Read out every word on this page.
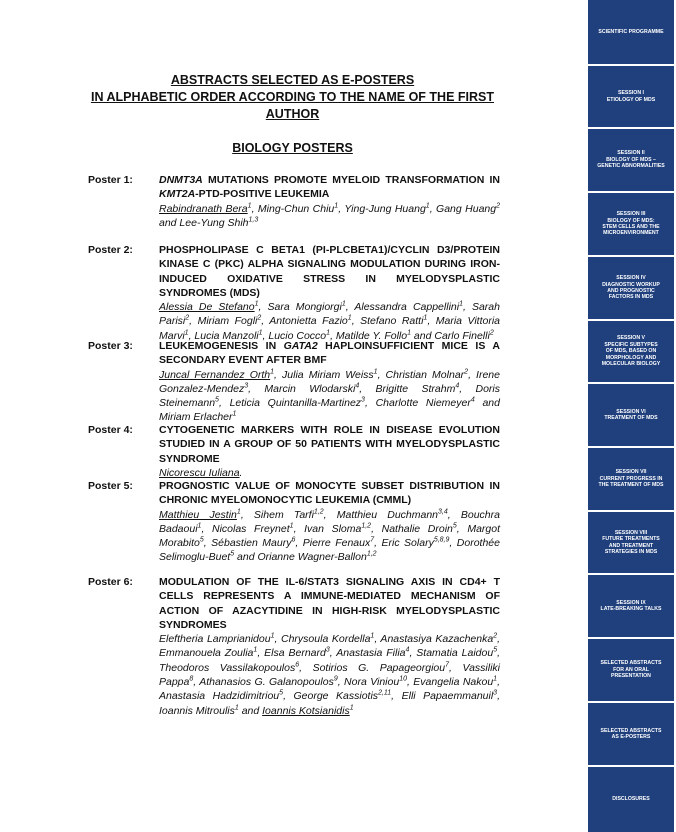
ABSTRACTS SELECTED AS E-POSTERS
IN ALPHABETIC ORDER ACCORDING TO THE NAME OF THE FIRST
AUTHOR
BIOLOGY POSTERS
Poster 1:	DNMT3A MUTATIONS PROMOTE MYELOID TRANSFORMATION IN KMT2A-PTD-POSITIVE LEUKEMIA
Rabindranath Bera$^1$, Ming-Chun Chiu$^1$, Ying-Jung Huang$^1$, Gang Huang$^2$ and Lee-Yung Shih$^{1,3}$
Poster 2:	PHOSPHOLIPASE C BETA1 (PI-PLCBETA1)/CYCLIN D3/PROTEIN KINASE C (PKC) ALPHA SIGNALING MODULATION DURING IRON-INDUCED OXIDATIVE STRESS IN MYELODYSPLASTIC SYNDROMES (MDS)
Alessia De Stefano$^1$, Sara Mongiorgi$^1$, Alessandra Cappellini$^1$, Sarah Parisi$^2$, Miriam Fogli$^2$, Antonietta Fazio$^1$, Stefano Ratti$^1$, Maria Vittoria Marvi$^1$, Lucia Manzoli$^1$, Lucio Cocco$^1$, Matilde Y. Follo$^1$ and Carlo Finelli$^2$
Poster 3:	LEUKEMOGENESIS IN GATA2 HAPLOINSUFFICIENT MICE IS A SECONDARY EVENT AFTER BMF
Juncal Fernandez Orth$^1$, Julia Miriam Weiss$^1$, Christian Molnar$^2$, Irene Gonzalez-Mendez$^3$, Marcin Wlodarski$^4$, Brigitte Strahm$^4$, Doris Steinemann$^5$, Leticia Quintanilla-Martinez$^3$, Charlotte Niemeyer$^4$ and Miriam Erlacher$^1$
Poster 4:	CYTOGENETIC MARKERS WITH ROLE IN DISEASE EVOLUTION STUDIED IN A GROUP OF 50 PATIENTS WITH MYELODYSPLASTIC SYNDROME
Nicorescu Iuliana.
Poster 5:	PROGNOSTIC VALUE OF MONOCYTE SUBSET DISTRIBUTION IN CHRONIC MYELOMONOCYTIC LEUKEMIA (CMML)
Matthieu Jestin$^1$, Sihem Tarfi$^{1,2}$, Matthieu Duchmann$^{3,4}$, Bouchra Badaoui$^1$, Nicolas Freynet$^1$, Ivan Sloma$^{1,2}$, Nathalie Droin$^5$, Margot Morabito$^5$, Sébastien Maury$^6$, Pierre Fenaux$^7$, Eric Solary$^{5,8,9}$, Dorothée Selimoglu-Buet$^5$ and Orianne Wagner-Ballon$^{1,2}$
Poster 6:	MODULATION OF THE IL-6/STAT3 SIGNALING AXIS IN CD4+ T CELLS REPRESENTS A IMMUNE-MEDIATED MECHANISM OF ACTION OF AZACYTIDINE IN HIGH-RISK MYELODYSPLASTIC SYNDROMES
Eleftheria Lamprianidou$^1$, Chrysoula Kordella$^1$, Anastasiya Kazachenka$^2$, Emmanouela Zoulia$^1$, Elsa Bernard$^3$, Anastasia Filia$^4$, Stamatia Laidou$^5$, Theodoros Vassilakopoulos$^6$, Sotirios G. Papageorgiou$^7$, Vassiliki Pappa$^8$, Athanasios G. Galanopoulos$^9$, Nora Viniou$^{10}$, Evangelia Nakou$^1$, Anastasia Hadzidimitriou$^5$, George Kassiotis$^{2,11}$, Elli Papaemmanuil$^3$, Ioannis Mitroulis$^1$ and Ioannis Kotsianidis$^1$
SCIENTIFIC PROGRAMME
SESSION I
ETIOLOGY OF MDS
SESSION II
BIOLOGY OF MDS –
GENETIC ABNORMALITIES
SESSION III
BIOLOGY OF MDS:
STEM CELLS AND THE
MICROENVIRONMENT
SESSION IV
DIAGNOSTIC WORKUP
AND PROGNOSTIC
FACTORS IN MDS
SESSION V
SPECIFIC SUBTYPES
OF MDS, BASED ON
MORPHOLOGY AND
MOLECULAR BIOLOGY
SESSION VI
TREATMENT OF MDS
SESSION VII
CURRENT PROGRESS IN
THE TREATMENT OF MDS
SESSION VIII
FUTURE TREATMENTS
AND TREATMENT
STRATEGIES IN MDS
SESSION IX
LATE-BREAKING TALKS
SELECTED ABSTRACTS
FOR AN ORAL
PRESENTATION
SELECTED ABSTRACTS
AS E-POSTERS
DISCLOSURES
